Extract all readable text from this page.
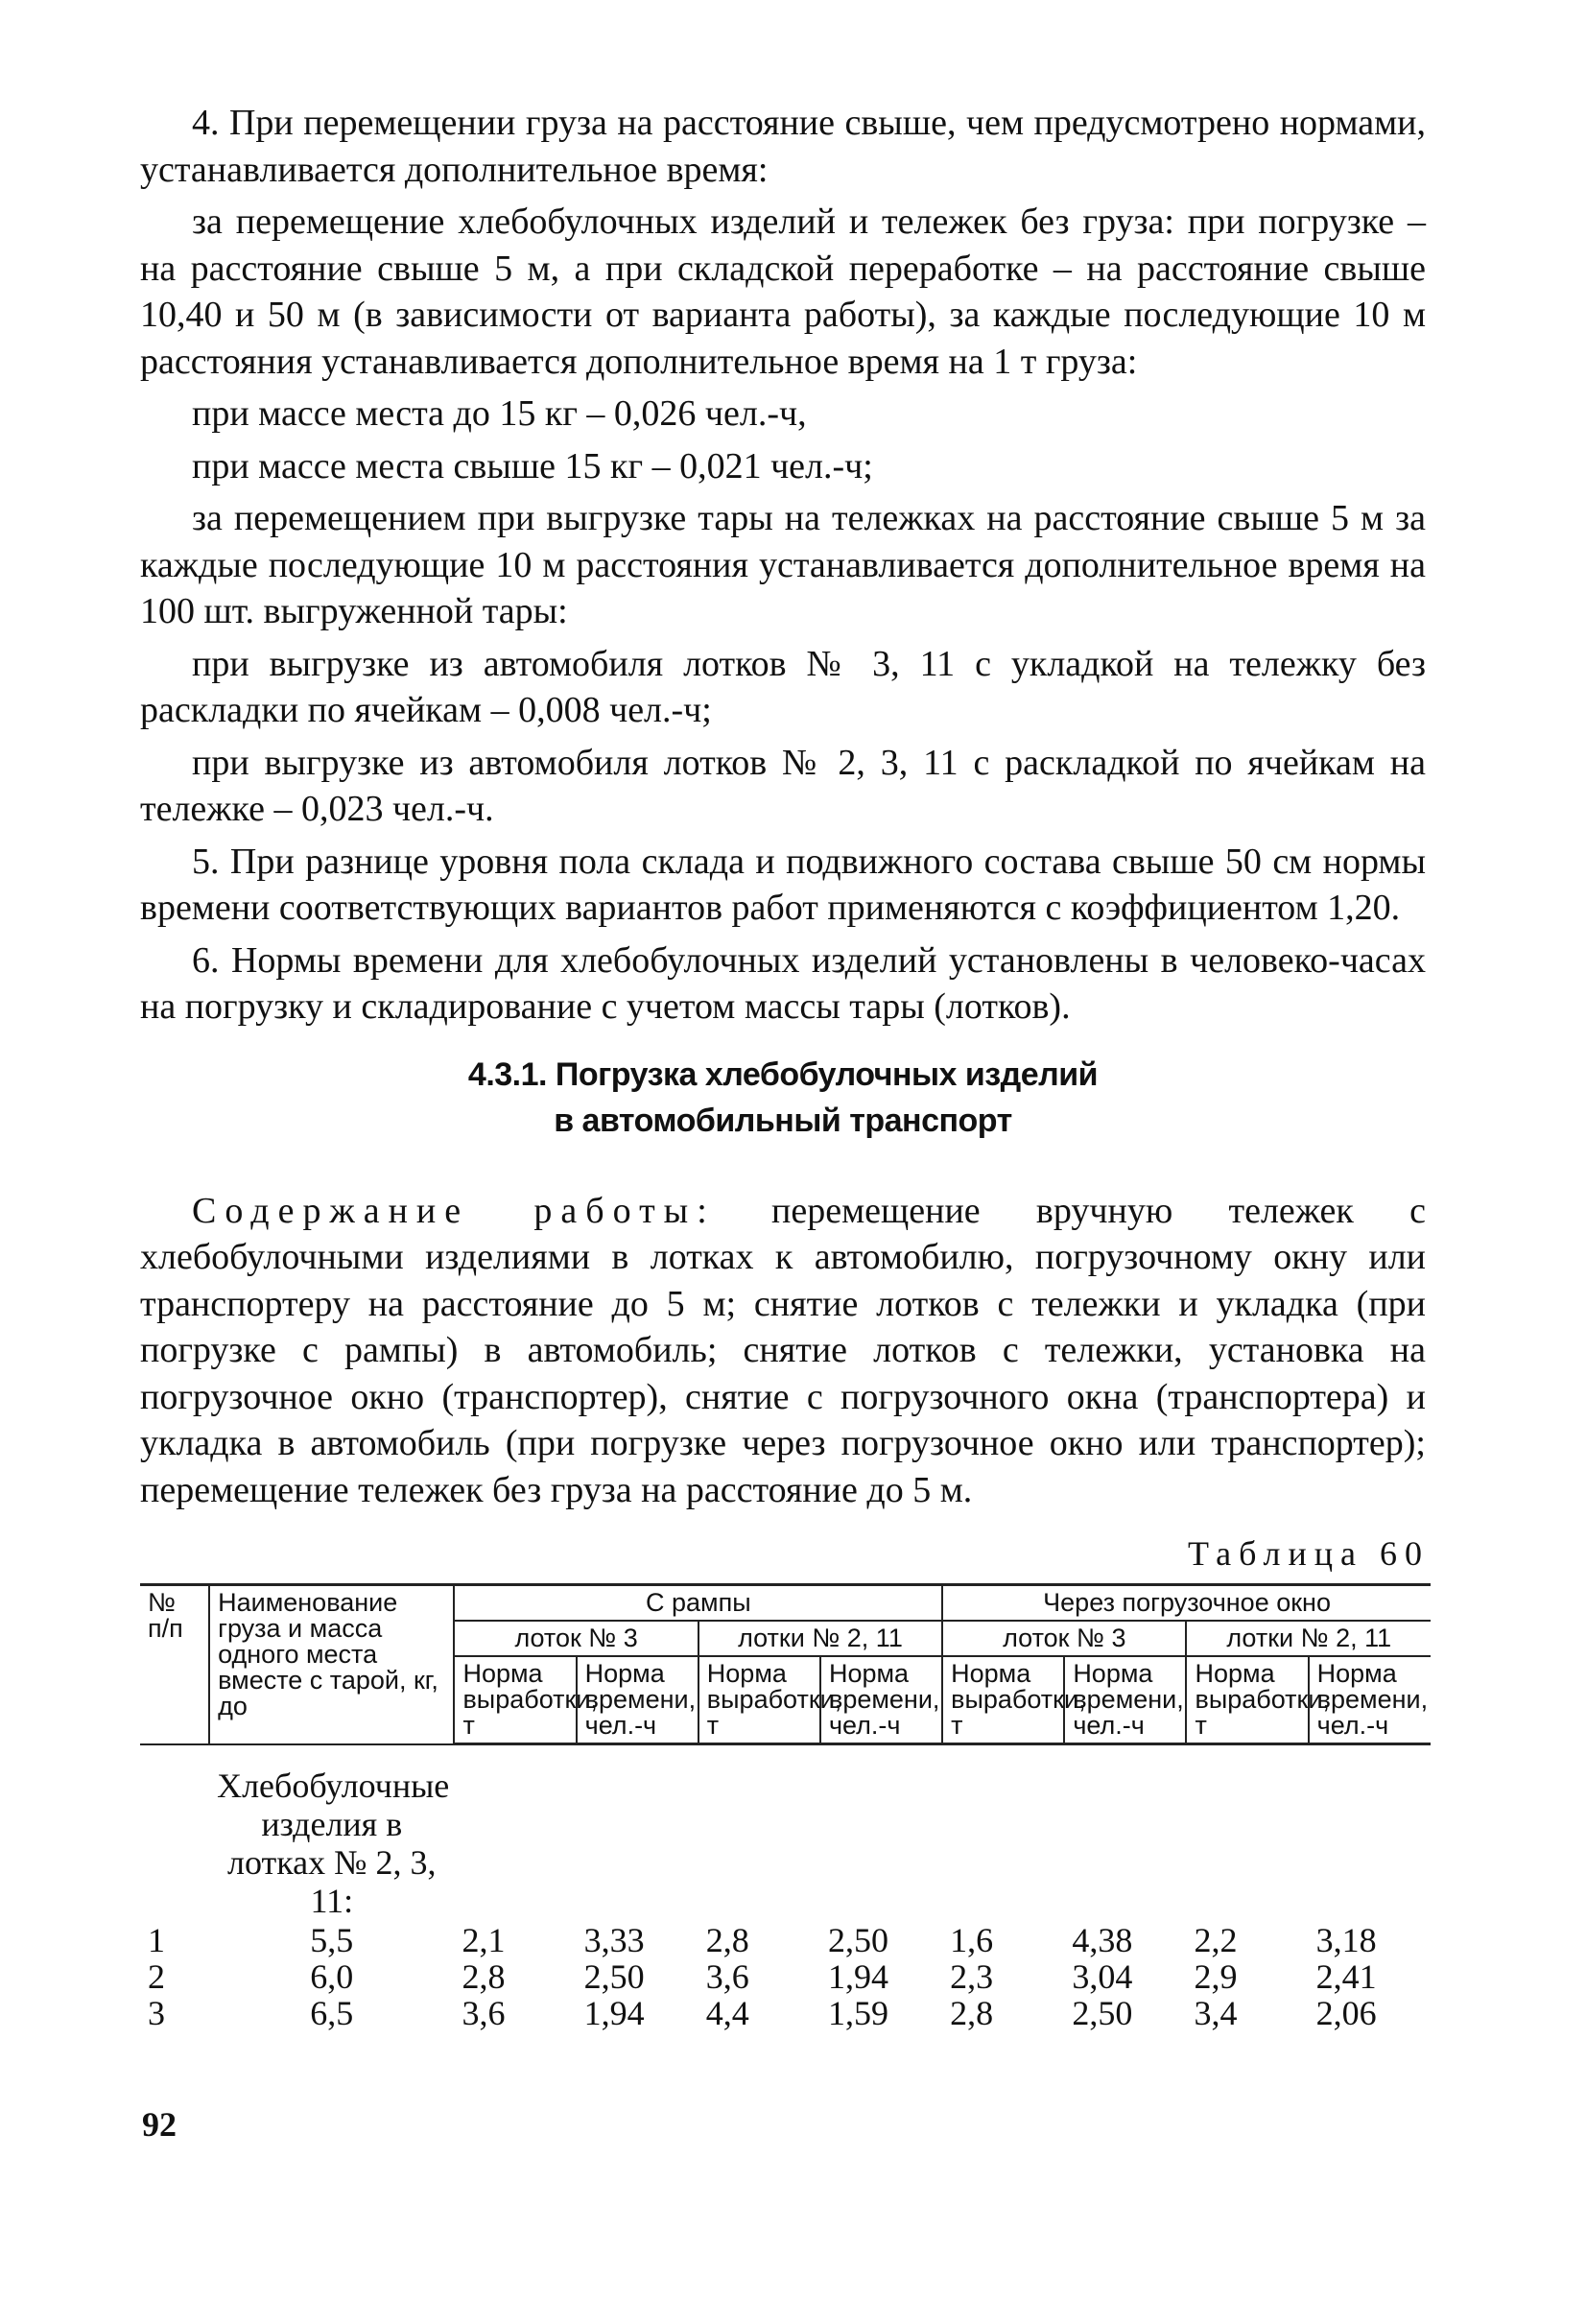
4. При перемещении груза на расстояние свыше, чем предусмотрено нормами, устанавливается дополнительное время:

за перемещение хлебобулочных изделий и тележек без груза: при погрузке – на расстояние свыше 5 м, а при складской переработке – на расстояние свыше 10,40 и 50 м (в зависимости от варианта работы), за каждые последующие 10 м расстояния устанавливается дополнительное время на 1 т груза:

при массе места до 15 кг – 0,026 чел.-ч,

при массе места свыше 15 кг – 0,021 чел.-ч;

за перемещением при выгрузке тары на тележках на расстояние свыше 5 м за каждые последующие 10 м расстояния устанавливается дополнительное время на 100 шт. выгруженной тары:

при выгрузке из автомобиля лотков № 3, 11 с укладкой на тележку без раскладки по ячейкам – 0,008 чел.-ч;

при выгрузке из автомобиля лотков № 2, 3, 11 с раскладкой по ячейкам на тележке – 0,023 чел.-ч.

5. При разнице уровня пола склада и подвижного состава свыше 50 см нормы времени соответствующих вариантов работ применяются с коэффициентом 1,20.

6. Нормы времени для хлебобулочных изделий установлены в человеко-часах на погрузку и складирование с учетом массы тары (лотков).

4.3.1. Погрузка хлебобулочных изделий
в автомобильный транспорт

Содержание работы: перемещение вручную тележек с хлебобулочными изделиями в лотках к автомобилю, погрузочному окну или транспортеру на расстояние до 5 м; снятие лотков с тележки и укладка (при погрузке с рампы) в автомобиль; снятие лотков с тележки, установка на погрузочное окно (транспортер), снятие с погрузочного окна (транспортера) и укладка в автомобиль (при погрузке через погрузочное окно или транспортер); перемещение тележек без груза на расстояние до 5 м.

Таблица 60
№ п/п	Наименование груза и масса одного места вместе с тарой, кг, до	С рампы				Через погрузочное окно			
		лоток № 3		лотки № 2, 11		лоток № 3		лотки № 2, 11	
		Норма выработки, т	Норма времени, чел.-ч	Норма выработки, т	Норма времени, чел.-ч	Норма выработки, т	Норма времени, чел.-ч	Норма выработки, т	Норма времени, чел.-ч
	Хлебобулочные изделия в лотках № 2, 3, 11:								
1	5,5	2,1	3,33	2,8	2,50	1,6	4,38	2,2	3,18
2	6,0	2,8	2,50	3,6	1,94	2,3	3,04	2,9	2,41
3	6,5	3,6	1,94	4,4	1,59	2,8	2,50	3,4	2,06
92
